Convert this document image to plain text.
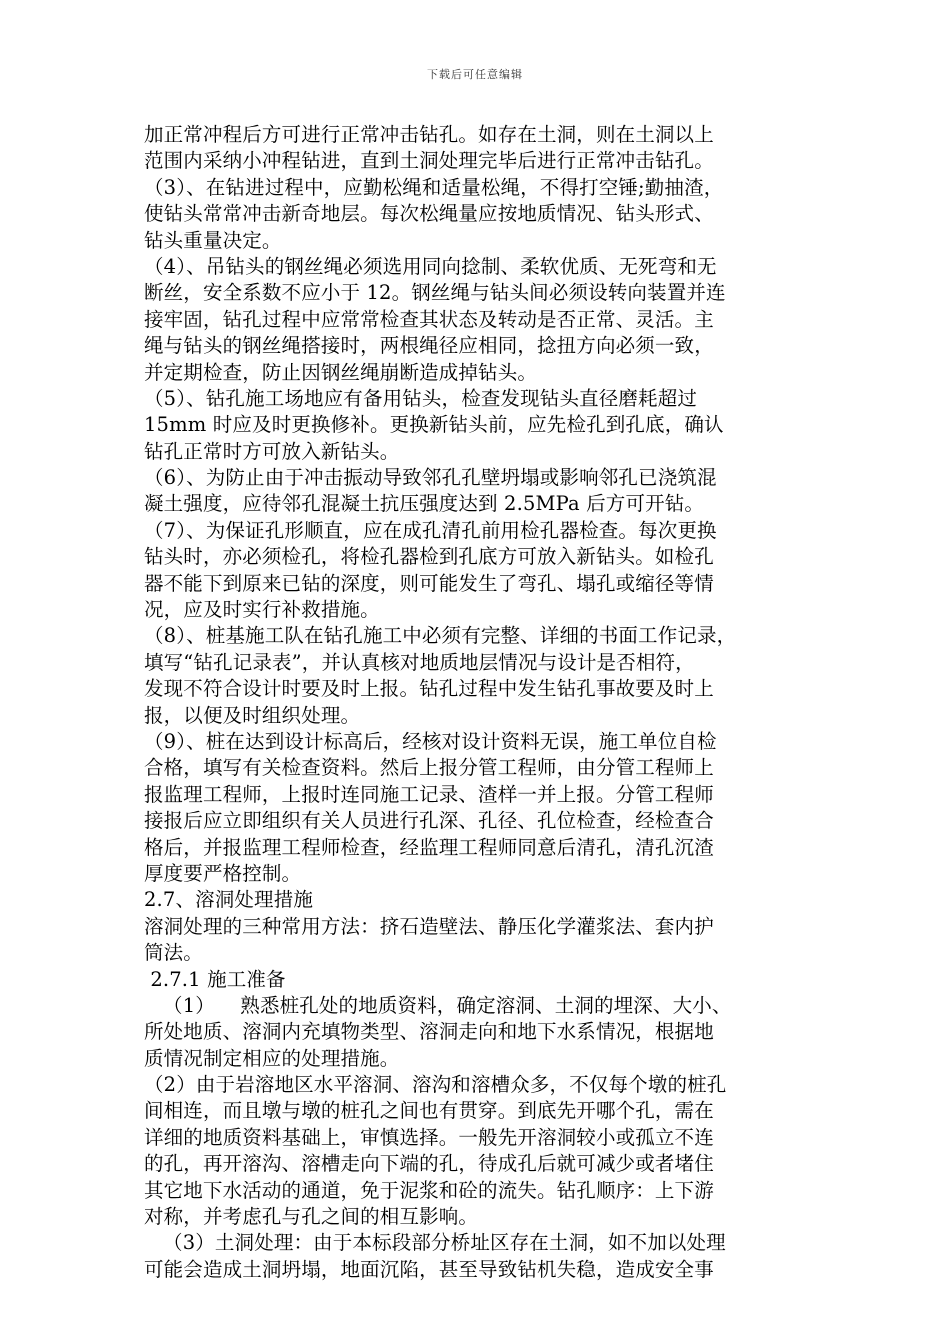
下载后可任意编辑
加正常冲程后方可进行正常冲击钻孔。如存在土洞，则在土洞以上
范围内采纳小冲程钻进，直到土洞处理完毕后进行正常冲击钻孔。
（3）、在钻进过程中，应勤松绳和适量松绳，不得打空锤;勤抽渣，
使钻头常常冲击新奇地层。每次松绳量应按地质情况、钻头形式、
钻头重量决定。
（4）、吊钻头的钢丝绳必须选用同向捻制、柔软优质、无死弯和无
断丝，安全系数不应小于 12。钢丝绳与钻头间必须设转向装置并连
接牢固，钻孔过程中应常常检查其状态及转动是否正常、灵活。主
绳与钻头的钢丝绳搭接时，两根绳径应相同，捻扭方向必须一致，
并定期检查，防止因钢丝绳崩断造成掉钻头。
（5）、钻孔施工场地应有备用钻头，检查发现钻头直径磨耗超过
15mm 时应及时更换修补。更换新钻头前，应先检孔到孔底，确认
钻孔正常时方可放入新钻头。
（6）、为防止由于冲击振动导致邻孔孔壁坍塌或影响邻孔已浇筑混
凝土强度，应待邻孔混凝土抗压强度达到 2.5MPa 后方可开钻。
（7）、为保证孔形顺直，应在成孔清孔前用检孔器检查。每次更换
钻头时，亦必须检孔，将检孔器检到孔底方可放入新钻头。如检孔
器不能下到原来已钻的深度，则可能发生了弯孔、塌孔或缩径等情
况，应及时实行补救措施。
（8）、桩基施工队在钻孔施工中必须有完整、详细的书面工作记录，
填写“钻孔记录表”，并认真核对地质地层情况与设计是否相符，
发现不符合设计时要及时上报。钻孔过程中发生钻孔事故要及时上
报，以便及时组织处理。
（9）、桩在达到设计标高后，经核对设计资料无误，施工单位自检
合格，填写有关检查资料。然后上报分管工程师，由分管工程师上
报监理工程师，上报时连同施工记录、渣样一并上报。分管工程师
接报后应立即组织有关人员进行孔深、孔径、孔位检查，经检查合
格后，并报监理工程师检查，经监理工程师同意后清孔，清孔沉渣
厚度要严格控制。
2.7、溶洞处理措施
溶洞处理的三种常用方法：挤石造壁法、静压化学灌浆法、套内护
筒法。
2.7.1 施工准备
（1）    熟悉桩孔处的地质资料，确定溶洞、土洞的埋深、大小、
所处地质、溶洞内充填物类型、溶洞走向和地下水系情况，根据地
质情况制定相应的处理措施。
（2）由于岩溶地区水平溶洞、溶沟和溶槽众多，不仅每个墩的桩孔
间相连，而且墩与墩的桩孔之间也有贯穿。到底先开哪个孔，需在
详细的地质资料基础上，审慎选择。一般先开溶洞较小或孤立不连
的孔，再开溶沟、溶槽走向下端的孔，待成孔后就可减少或者堵住
其它地下水活动的通道，免于泥浆和砼的流失。钻孔顺序：上下游
对称，并考虑孔与孔之间的相互影响。
（3）土洞处理：由于本标段部分桥址区存在土洞，如不加以处理
可能会造成土洞坍塌，地面沉陷，甚至导致钻机失稳，造成安全事
